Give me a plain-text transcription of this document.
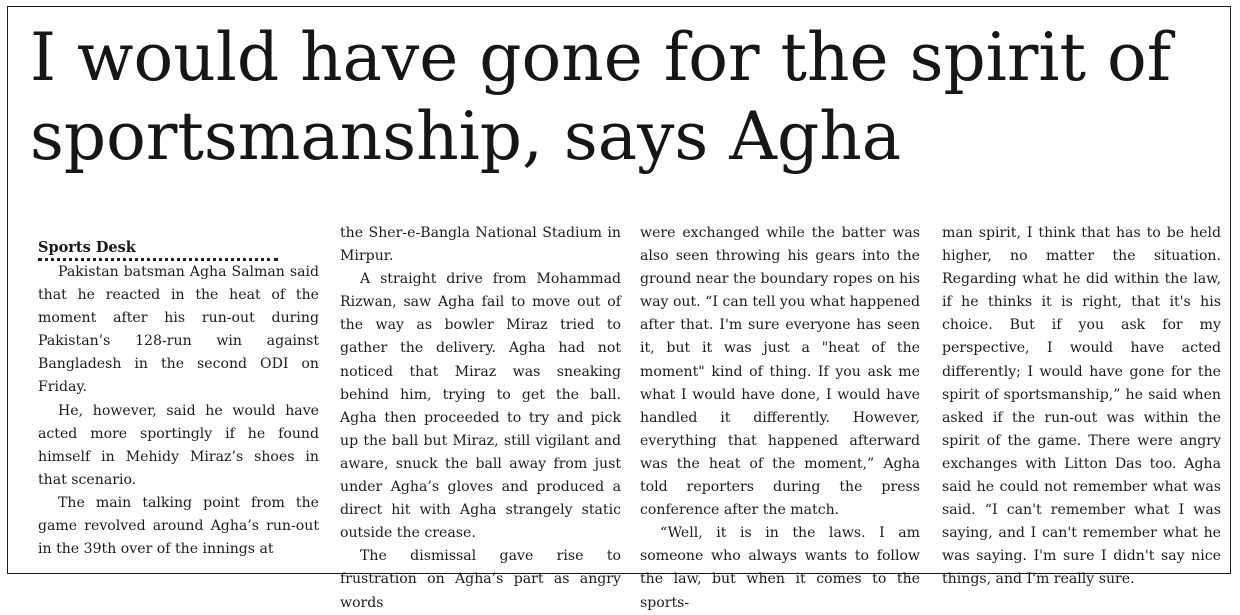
I would have gone for the spirit of sportsmanship, says Agha
Sports Desk

Pakistan batsman Agha Salman said that he reacted in the heat of the moment after his run-out during Pakistan’s 128-run win against Bangladesh in the second ODI on Friday.

He, however, said he would have acted more sportingly if he found himself in Mehidy Miraz’s shoes in that scenario.

The main talking point from the game revolved around Agha’s run-out in the 39th over of the innings at

the Sher-e-Bangla National Stadium in Mirpur.

A straight drive from Mohammad Rizwan, saw Agha fail to move out of the way as bowler Miraz tried to gather the delivery. Agha had not noticed that Miraz was sneaking behind him, trying to get the ball. Agha then proceeded to try and pick up the ball but Miraz, still vigilant and aware, snuck the ball away from just under Agha’s gloves and produced a direct hit with Agha strangely static outside the crease.

The dismissal gave rise to frustration on Agha’s part as angry words

were exchanged while the batter was also seen throwing his gears into the ground near the boundary ropes on his way out. “I can tell you what happened after that. I'm sure everyone has seen it, but it was just a "heat of the moment" kind of thing. If you ask me what I would have done, I would have handled it differently. However, everything that happened afterward was the heat of the moment,” Agha told reporters during the press conference after the match.

“Well, it is in the laws. I am someone who always wants to follow the law, but when it comes to the sports-

man spirit, I think that has to be held higher, no matter the situation. Regarding what he did within the law, if he thinks it is right, that it's his choice. But if you ask for my perspective, I would have acted differently; I would have gone for the spirit of sportsmanship,” he said when asked if the run-out was within the spirit of the game. There were angry exchanges with Litton Das too. Agha said he could not remember what was said. “I can't remember what I was saying, and I can't remember what he was saying. I'm sure I didn't say nice things, and I'm really sure.
